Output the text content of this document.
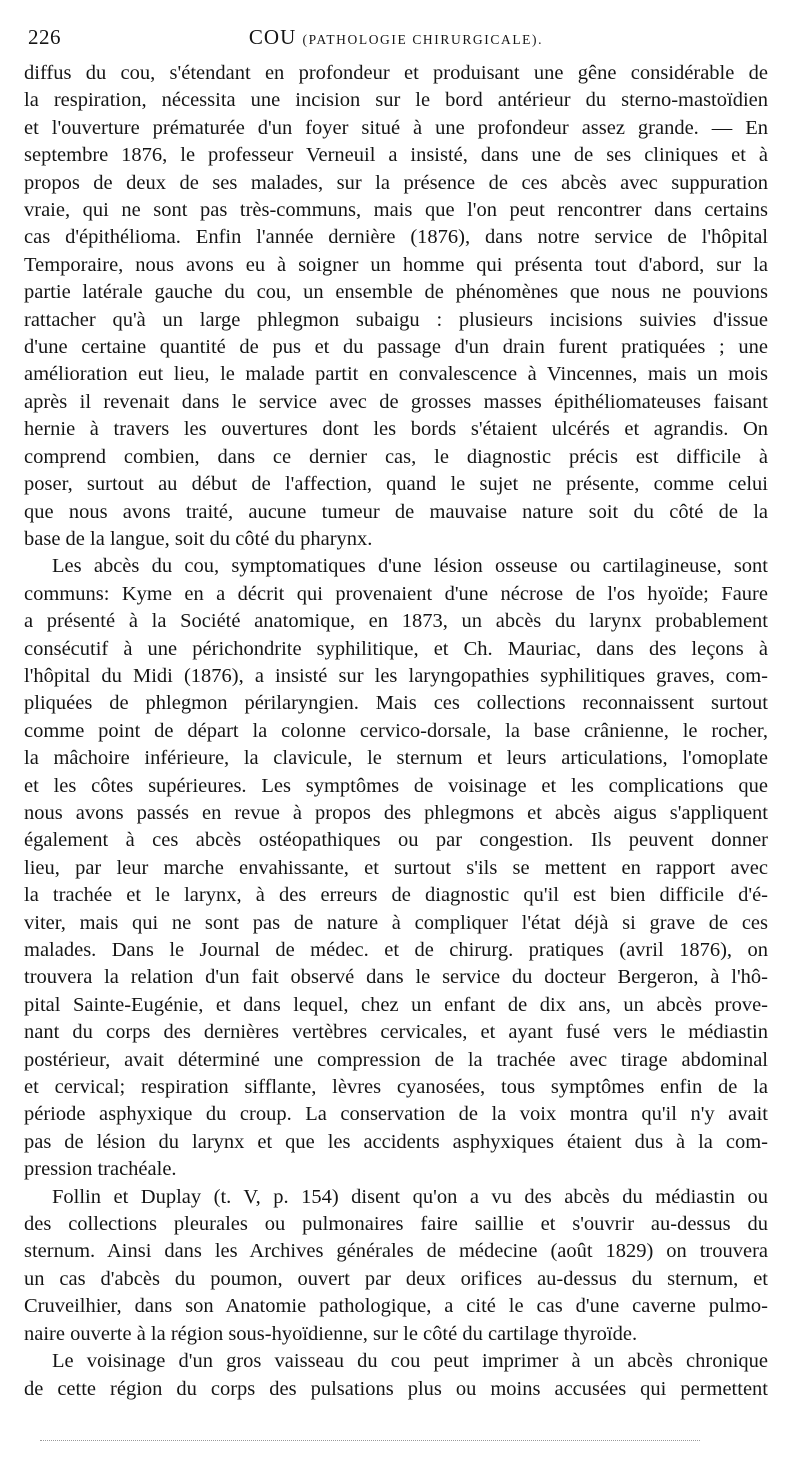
226	COU (PATHOLOGIE CHIRURGICALE).
diffus du cou, s'étendant en profondeur et produisant une gêne considérable de
la respiration, nécessita une incision sur le bord antérieur du sterno-mastoïdien
et l'ouverture prématurée d'un foyer situé à une profondeur assez grande. — En
septembre 1876, le professeur Verneuil a insisté, dans une de ses cliniques et à
propos de deux de ses malades, sur la présence de ces abcès avec suppuration
vraie, qui ne sont pas très-communs, mais que l'on peut rencontrer dans certains
cas d'épithélioma. Enfin l'année dernière (1876), dans notre service de l'hôpital
Temporaire, nous avons eu à soigner un homme qui présenta tout d'abord, sur la
partie latérale gauche du cou, un ensemble de phénomènes que nous ne pouvions
rattacher qu'à un large phlegmon subaigu : plusieurs incisions suivies d'issue
d'une certaine quantité de pus et du passage d'un drain furent pratiquées ; une
amélioration eut lieu, le malade partit en convalescence à Vincennes, mais un mois
après il revenait dans le service avec de grosses masses épithéliomateuses faisant
hernie à travers les ouvertures dont les bords s'étaient ulcérés et agrandis. On
comprend combien, dans ce dernier cas, le diagnostic précis est difficile à
poser, surtout au début de l'affection, quand le sujet ne présente, comme celui
que nous avons traité, aucune tumeur de mauvaise nature soit du côté de la
base de la langue, soit du côté du pharynx.
Les abcès du cou, symptomatiques d'une lésion osseuse ou cartilagineuse, sont
communs: Kyme en a décrit qui provenaient d'une nécrose de l'os hyoïde; Faure
a présenté à la Société anatomique, en 1873, un abcès du larynx probablement
consécutif à une périchondrite syphilitique, et Ch. Mauriac, dans des leçons à
l'hôpital du Midi (1876), a insisté sur les laryngopathies syphilitiques graves, com-
pliquées de phlegmon périlaryngien. Mais ces collections reconnaissent surtout
comme point de départ la colonne cervico-dorsale, la base crânienne, le rocher,
la mâchoire inférieure, la clavicule, le sternum et leurs articulations, l'omoplate
et les côtes supérieures. Les symptômes de voisinage et les complications que
nous avons passés en revue à propos des phlegmons et abcès aigus s'appliquent
également à ces abcès ostéopathiques ou par congestion. Ils peuvent donner
lieu, par leur marche envahissante, et surtout s'ils se mettent en rapport avec
la trachée et le larynx, à des erreurs de diagnostic qu'il est bien difficile d'é-
viter, mais qui ne sont pas de nature à compliquer l'état déjà si grave de ces
malades. Dans le Journal de médec. et de chirurg. pratiques (avril 1876), on
trouvera la relation d'un fait observé dans le service du docteur Bergeron, à l'hô-
pital Sainte-Eugénie, et dans lequel, chez un enfant de dix ans, un abcès prove-
nant du corps des dernières vertèbres cervicales, et ayant fusé vers le médiastin
postérieur, avait déterminé une compression de la trachée avec tirage abdominal
et cervical; respiration sifflante, lèvres cyanosées, tous symptômes enfin de la
période asphyxique du croup. La conservation de la voix montra qu'il n'y avait
pas de lésion du larynx et que les accidents asphyxiques étaient dus à la com-
pression trachéale.
Follin et Duplay (t. V, p. 154) disent qu'on a vu des abcès du médiastin ou
des collections pleurales ou pulmonaires faire saillie et s'ouvrir au-dessus du
sternum. Ainsi dans les Archives générales de médecine (août 1829) on trouvera
un cas d'abcès du poumon, ouvert par deux orifices au-dessus du sternum, et
Cruveilhier, dans son Anatomie pathologique, a cité le cas d'une caverne pulmo-
naire ouverte à la région sous-hyoïdienne, sur le côté du cartilage thyroïde.
Le voisinage d'un gros vaisseau du cou peut imprimer à un abcès chronique
de cette région du corps des pulsations plus ou moins accusées qui permettent
